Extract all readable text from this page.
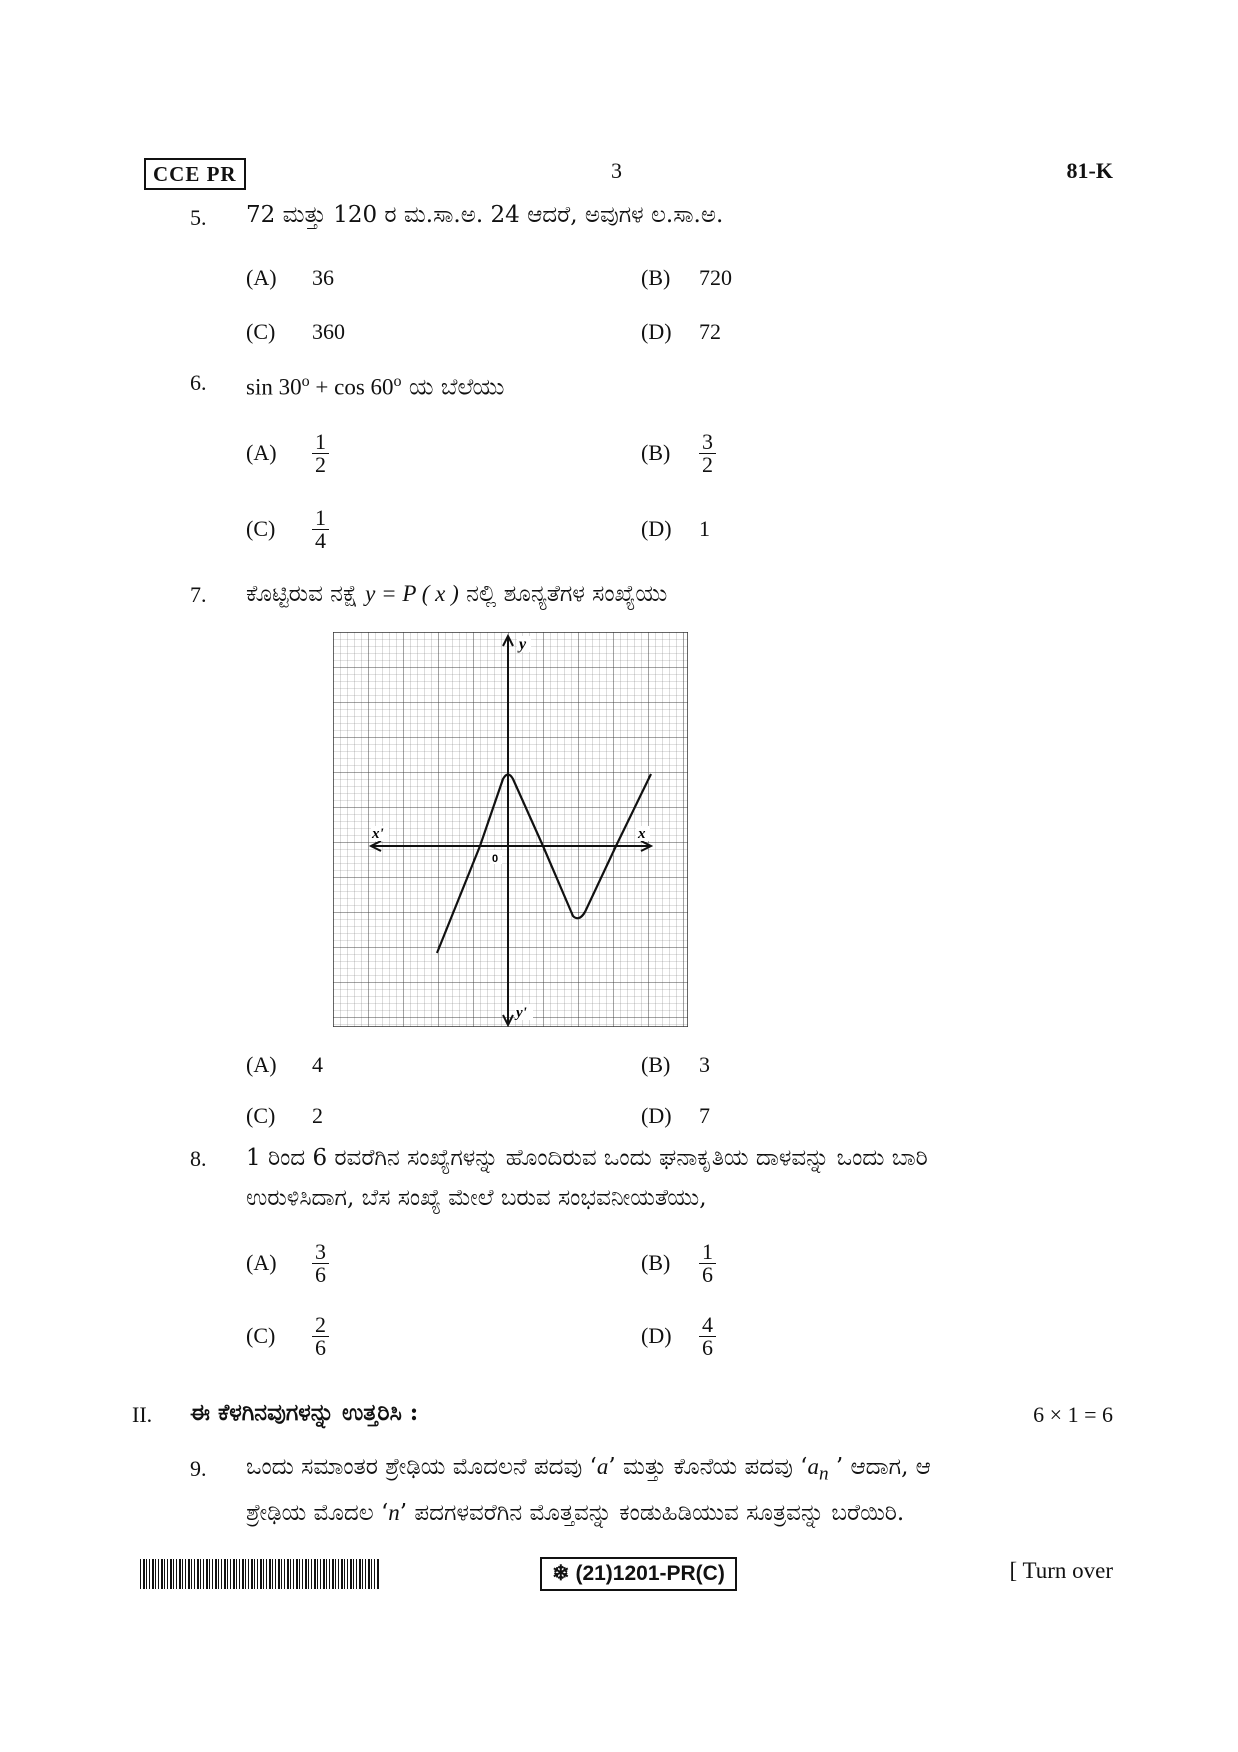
CCE PR	3	81-K
5. 72 ಮತ್ತು 120 ರ ಮ.ಸಾ.ಅ. 24 ಆದರೆ, ಅವುಗಳ ಲ.ಸಾ.ಅ.
(A)	36	(B)	720
(C)	360	(D)	72
6. $\sin 30^o + \cos 60^o$ ಯ ಬೆಲೆಯು
(A)	$\frac{1}{2}$	(B)	$\frac{3}{2}$
(C)	$\frac{1}{4}$	(D)	1
7. ಕೊಟ್ಟಿರುವ ನಕ್ಷೆ y = P ( x ) ನಲ್ಲಿ ಶೂನ್ಯತೆಗಳ ಸಂಖ್ಯೆಯು
y
y'
x
x'
0
(A)	4	(B)	3
(C)	2	(D)	7
8. 1 ರಿಂದ 6 ರವರೆಗಿನ ಸಂಖ್ಯೆಗಳನ್ನು ಹೊಂದಿರುವ ಒಂದು ಘನಾಕೃತಿಯ ದಾಳವನ್ನು ಒಂದು ಬಾರಿ
ಉರುಳಿಸಿದಾಗ, ಬೆಸ ಸಂಖ್ಯೆ ಮೇಲೆ ಬರುವ ಸಂಭವನೀಯತೆಯು,
(A)	$\frac{3}{6}$	(B)	$\frac{1}{6}$
(C)	$\frac{2}{6}$	(D)	$\frac{4}{6}$
II. ಈ ಕೆಳಗಿನವುಗಳನ್ನು ಉತ್ತರಿಸಿ :	6 × 1 = 6
9. ಒಂದು ಸಮಾಂತರ ಶ್ರೇಢಿಯ ಮೊದಲನೆ ಪದವು ‘a’ ಮತ್ತು ಕೊನೆಯ ಪದವು ‘$a_n$ ’ ಆದಾಗ, ಆ
ಶ್ರೇಢಿಯ ಮೊದಲ ‘n’ ಪದಗಳವರೆಗಿನ ಮೊತ್ತವನ್ನು ಕಂಡುಹಿಡಿಯುವ ಸೂತ್ರವನ್ನು ಬರೆಯಿರಿ.
❄ (21)1201-PR(C)	[ Turn over
